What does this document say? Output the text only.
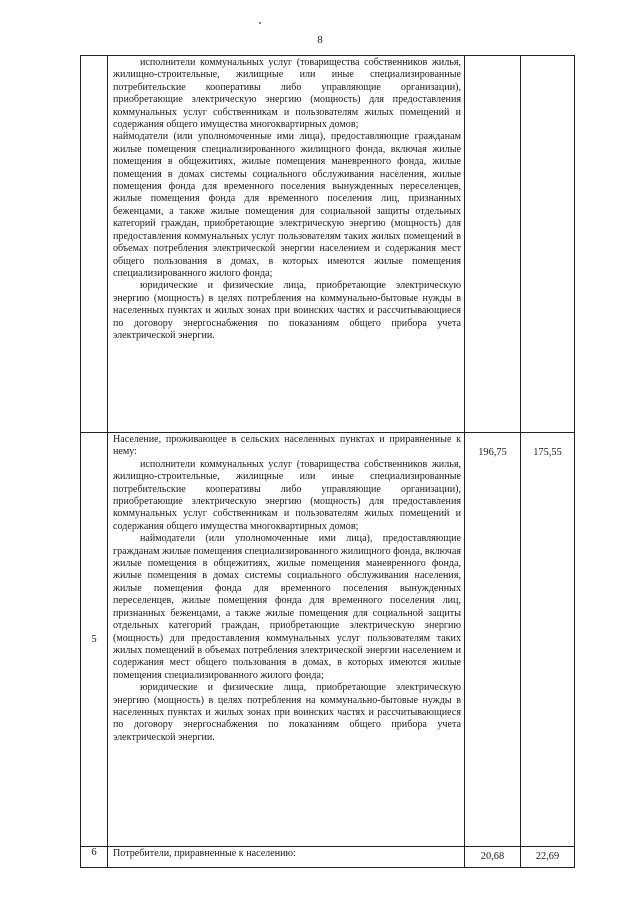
8

	исполнители коммунальных услуг (товарищества собственников жилья, жилищно-строительные, жилищные или иные специализированные потребительские кооперативы либо управляющие организации), приобретающие электрическую энергию (мощность) для предоставления коммунальных услуг собственникам и пользователям жилых помещений и содержания общего имущества многоквартирных домов;

наймодатели (или уполномоченные ими лица), предоставляющие гражданам жилые помещения специализированного жилищного фонда, включая жилые помещения в общежитиях, жилые помещения маневренного фонда, жилые помещения в домах системы социального обслуживания населения, жилые помещения фонда для временного поселения вынужденных переселенцев, жилые помещения фонда для временного поселения лиц, признанных беженцами, а также жилые помещения для социальной защиты отдельных категорий граждан, приобретающие электрическую энергию (мощность) для предоставления коммунальных услуг пользователям таких жилых помещений в объемах потребления электрической энергии населением и содержания мест общего пользования в домах, в которых имеются жилые помещения специализированного жилого фонда;

юридические и физические лица, приобретающие электрическую энергию (мощность) в целях потребления на коммунально-бытовые нужды в населенных пунктах и жилых зонах при воинских частях и рассчитывающиеся по договору энергоснабжения по показаниям общего прибора учета электрической энергии.		

5	Население, проживающее в сельских населенных пунктах и приравненные к нему:

исполнители коммунальных услуг (товарищества собственников жилья, жилищно-строительные, жилищные или иные специализированные потребительские кооперативы либо управляющие организации), приобретающие электрическую энергию (мощность) для предоставления коммунальных услуг собственникам и пользователям жилых помещений и содержания общего имущества многоквартирных домов;

наймодатели (или уполномоченные ими лица), предоставляющие гражданам жилые помещения специализированного жилищного фонда, включая жилые помещения в общежитиях, жилые помещения маневренного фонда, жилые помещения в домах системы социального обслуживания населения, жилые помещения фонда для временного поселения вынужденных переселенцев, жилые помещения фонда для временного поселения лиц, признанных беженцами, а также жилые помещения для социальной защиты отдельных категорий граждан, приобретающие электрическую энергию (мощность) для предоставления коммунальных услуг пользователям таких жилых помещений в объемах потребления электрической энергии населением и содержания мест общего пользования в домах, в которых имеются жилые помещения специализированного жилого фонда;

юридические и физические лица, приобретающие электрическую энергию (мощность) в целях потребления на коммунально-бытовые нужды в населенных пунктах и жилых зонах при воинских частях и рассчитывающиеся по договору энергоснабжения по показаниям общего прибора учета электрической энергии.	196,75	175,55
6	Потребители, приравненные к населению:	20,68	22,69
